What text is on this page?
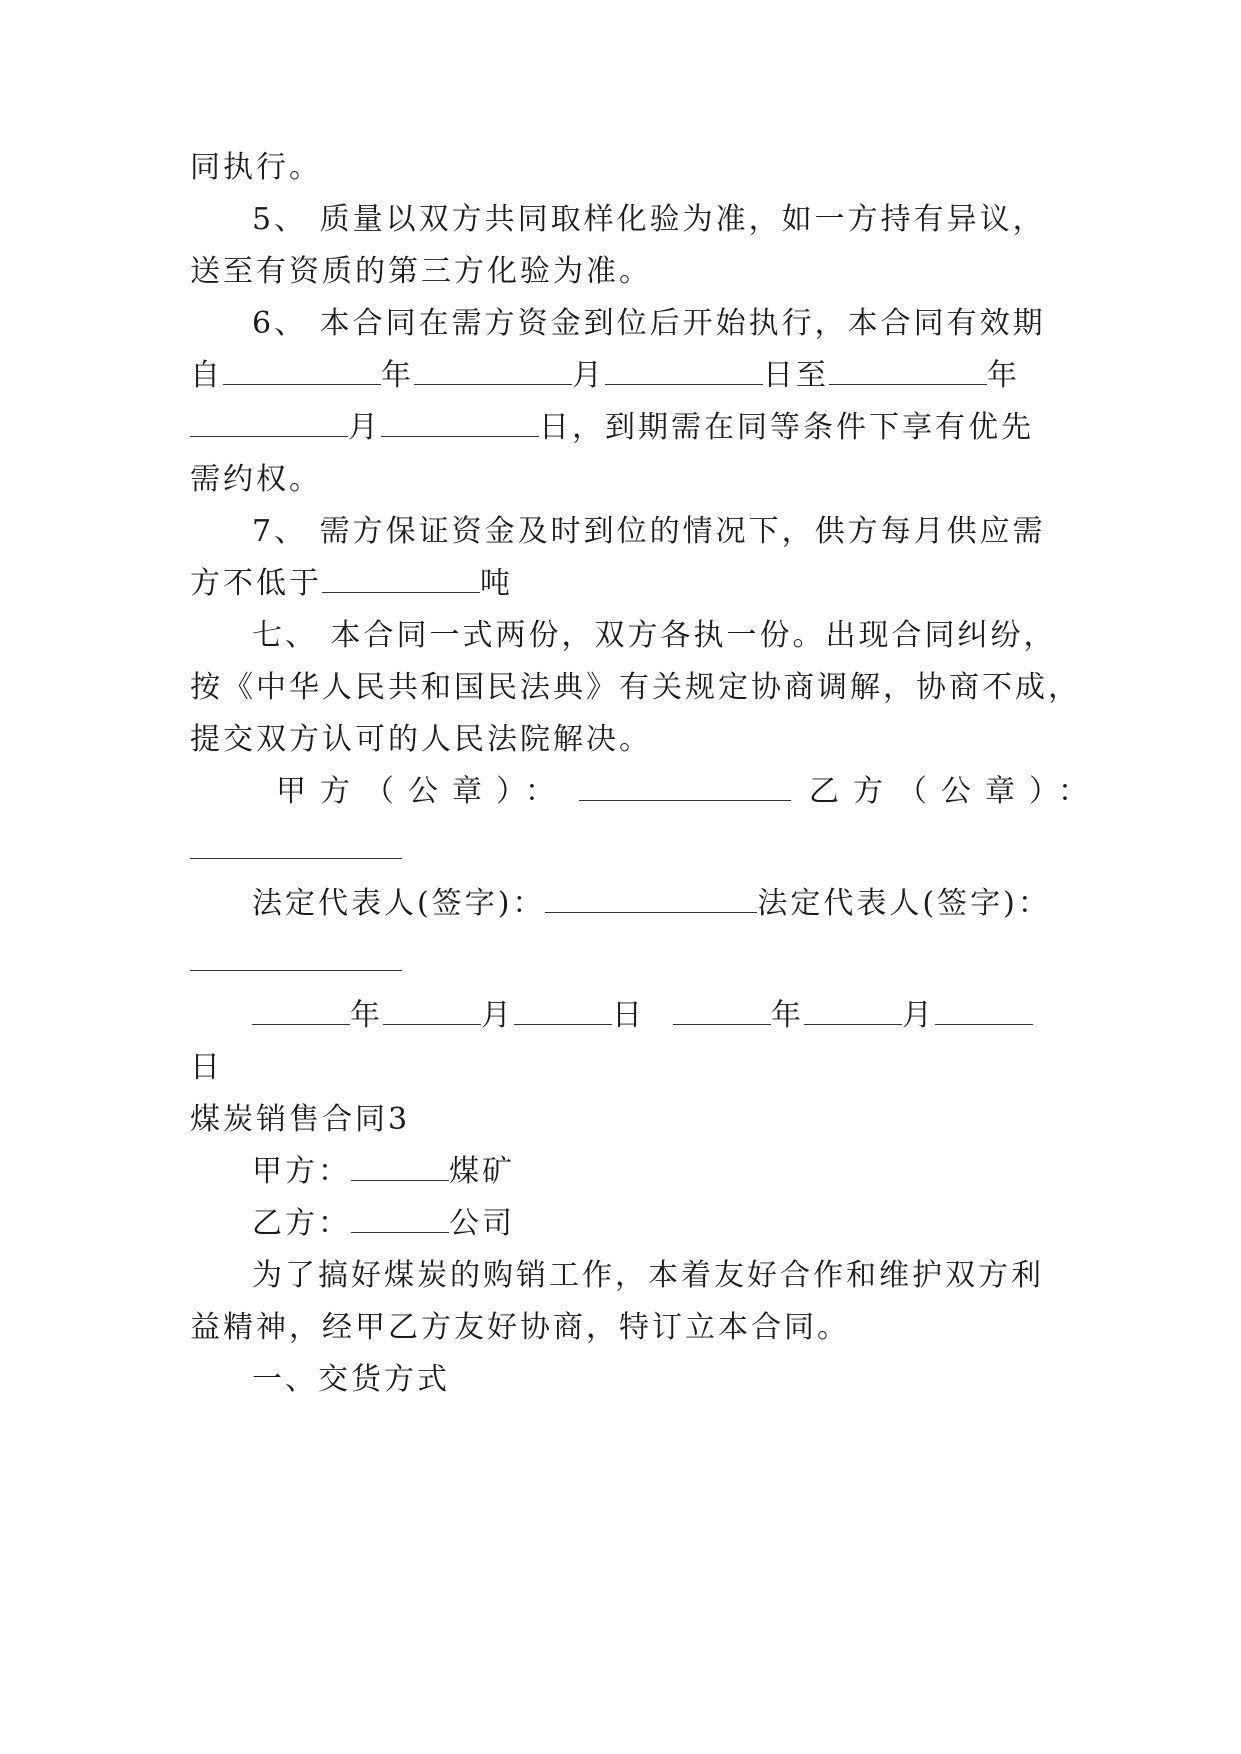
同执行。
5、 质量以双方共同取样化验为准，如一方持有异议，
送至有资质的第三方化验为准。
6、 本合同在需方资金到位后开始执行，本合同有效期
自	年	月	日至	年
月	日，到期需在同等条件下享有优先
需约权。
7、 需方保证资金及时到位的情况下，供方每月供应需
方不低于	吨
七、 本合同一式两份，双方各执一份。出现合同纠纷，
按《中华人民共和国民法典》有关规定协商调解，协商不成，
提交双方认可的人民法院解决。
甲方（公章）：	乙方（公章）：
法定代表人(签字)：	法定代表人(签字)：
年	月	日	年	月
日
煤炭销售合同3
甲方：	煤矿
乙方：	公司
为了搞好煤炭的购销工作，本着友好合作和维护双方利
益精神，经甲乙方友好协商，特订立本合同。
一、交货方式
